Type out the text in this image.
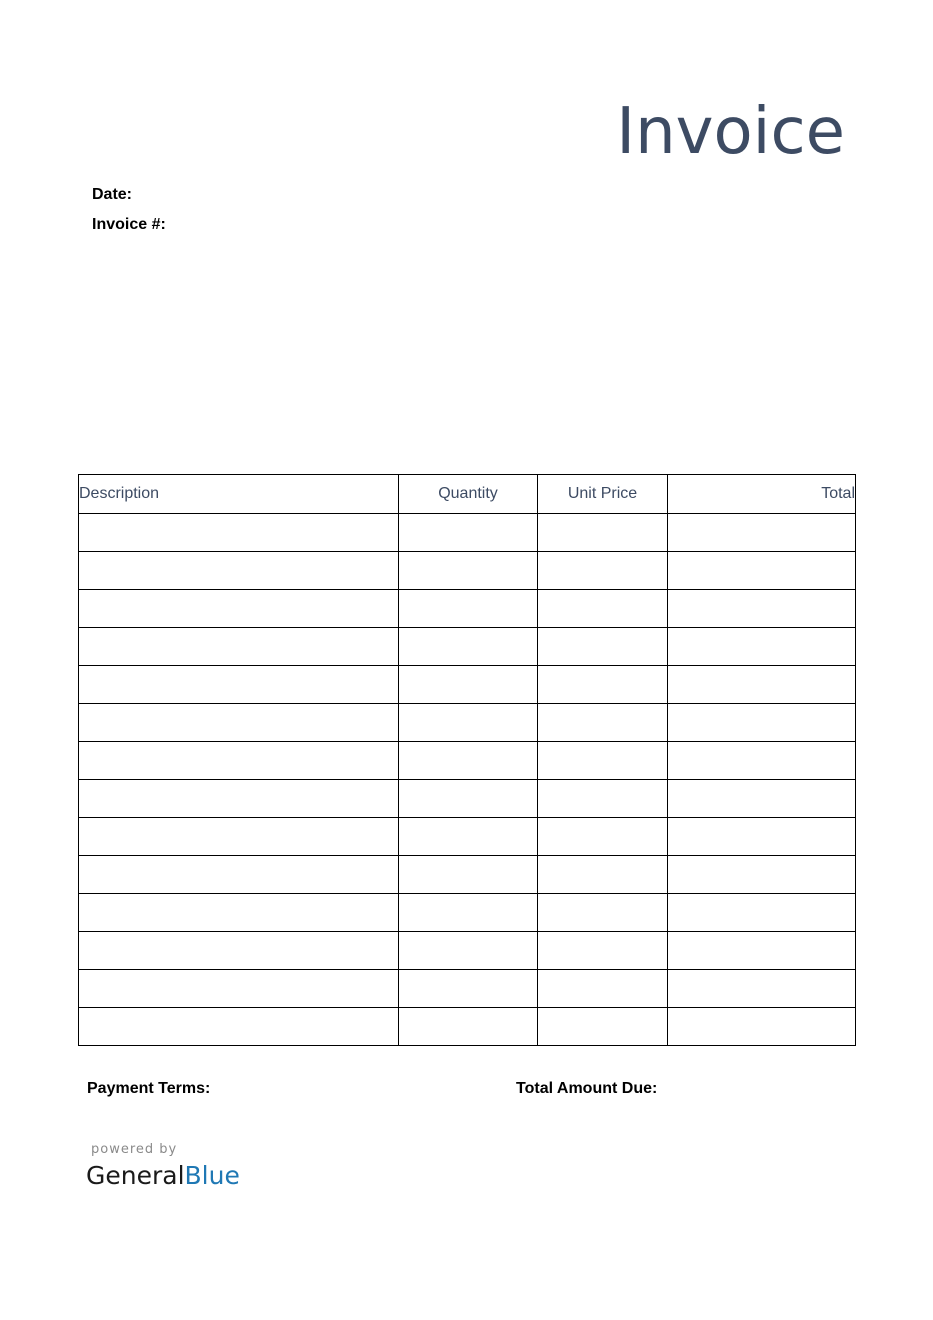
Invoice
Date:
Invoice #:
Description	Quantity	Unit Price	Total

Payment Terms:	Total Amount Due:
powered by
GeneralBlue
